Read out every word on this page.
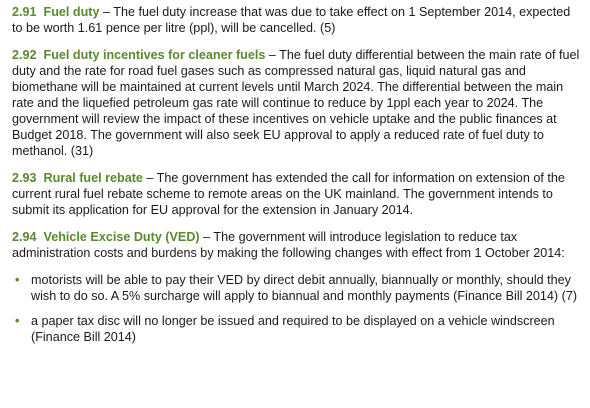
2.91 Fuel duty – The fuel duty increase that was due to take effect on 1 September 2014, expected to be worth 1.61 pence per litre (ppl), will be cancelled. (5)

2.92 Fuel duty incentives for cleaner fuels – The fuel duty differential between the main rate of fuel duty and the rate for road fuel gases such as compressed natural gas, liquid natural gas and biomethane will be maintained at current levels until March 2024. The differential between the main rate and the liquefied petroleum gas rate will continue to reduce by 1ppl each year to 2024. The government will review the impact of these incentives on vehicle uptake and the public finances at Budget 2018. The government will also seek EU approval to apply a reduced rate of fuel duty to methanol. (31)

2.93 Rural fuel rebate – The government has extended the call for information on extension of the current rural fuel rebate scheme to remote areas on the UK mainland. The government intends to submit its application for EU approval for the extension in January 2014.

2.94 Vehicle Excise Duty (VED) – The government will introduce legislation to reduce tax administration costs and burdens by making the following changes with effect from 1 October 2014:

• motorists will be able to pay their VED by direct debit annually, biannually or monthly, should they wish to do so. A 5% surcharge will apply to biannual and monthly payments (Finance Bill 2014) (7)
• a paper tax disc will no longer be issued and required to be displayed on a vehicle windscreen (Finance Bill 2014)
